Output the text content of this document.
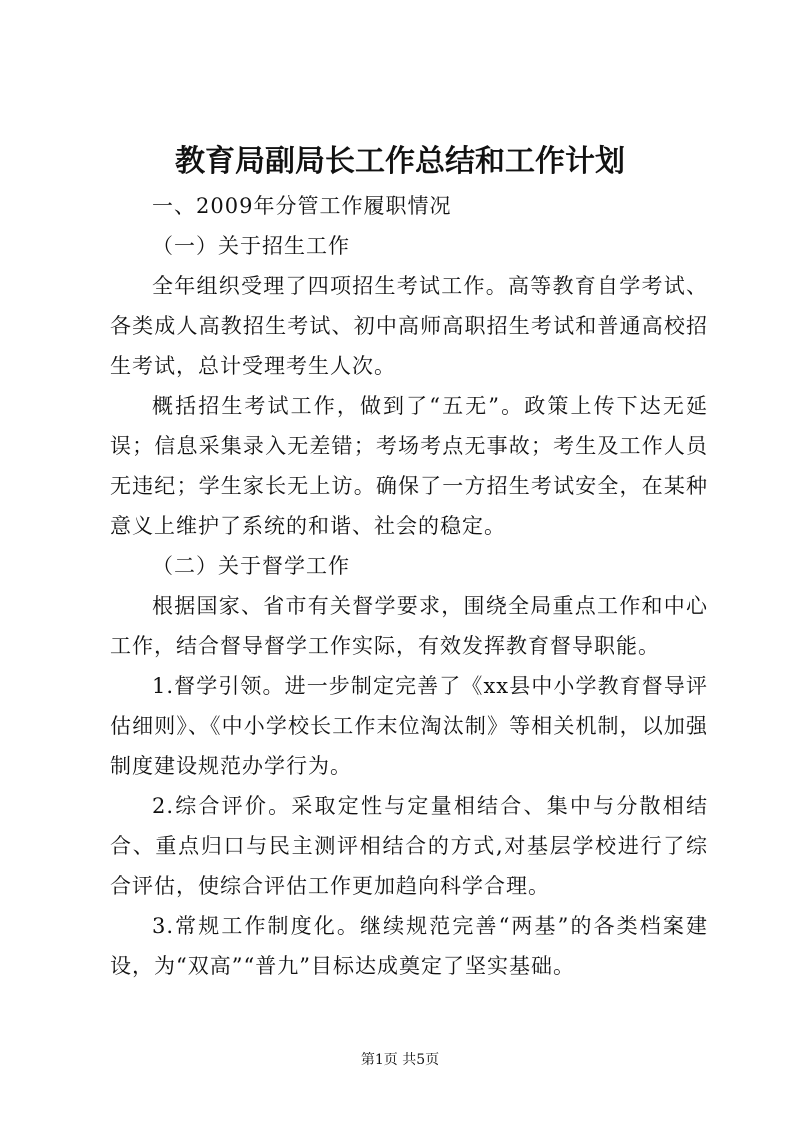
教育局副局长工作总结和工作计划

一、2009年分管工作履职情况

（一）关于招生工作

全年组织受理了四项招生考试工作。高等教育自学考试、各类成人高教招生考试、初中高师高职招生考试和普通高校招生考试，总计受理考生人次。

概括招生考试工作，做到了“五无”。政策上传下达无延误；信息采集录入无差错；考场考点无事故；考生及工作人员无违纪；学生家长无上访。确保了一方招生考试安全，在某种意义上维护了系统的和谐、社会的稳定。

（二）关于督学工作

根据国家、省市有关督学要求，围绕全局重点工作和中心工作，结合督导督学工作实际，有效发挥教育督导职能。

1.督学引领。进一步制定完善了《xx县中小学教育督导评估细则》、《中小学校长工作末位淘汰制》等相关机制，以加强制度建设规范办学行为。

2.综合评价。采取定性与定量相结合、集中与分散相结合、重点归口与民主测评相结合的方式,对基层学校进行了综合评估，使综合评估工作更加趋向科学合理。

3.常规工作制度化。继续规范完善“两基”的各类档案建设，为“双高”“普九”目标达成奠定了坚实基础。

第1页 共5页
